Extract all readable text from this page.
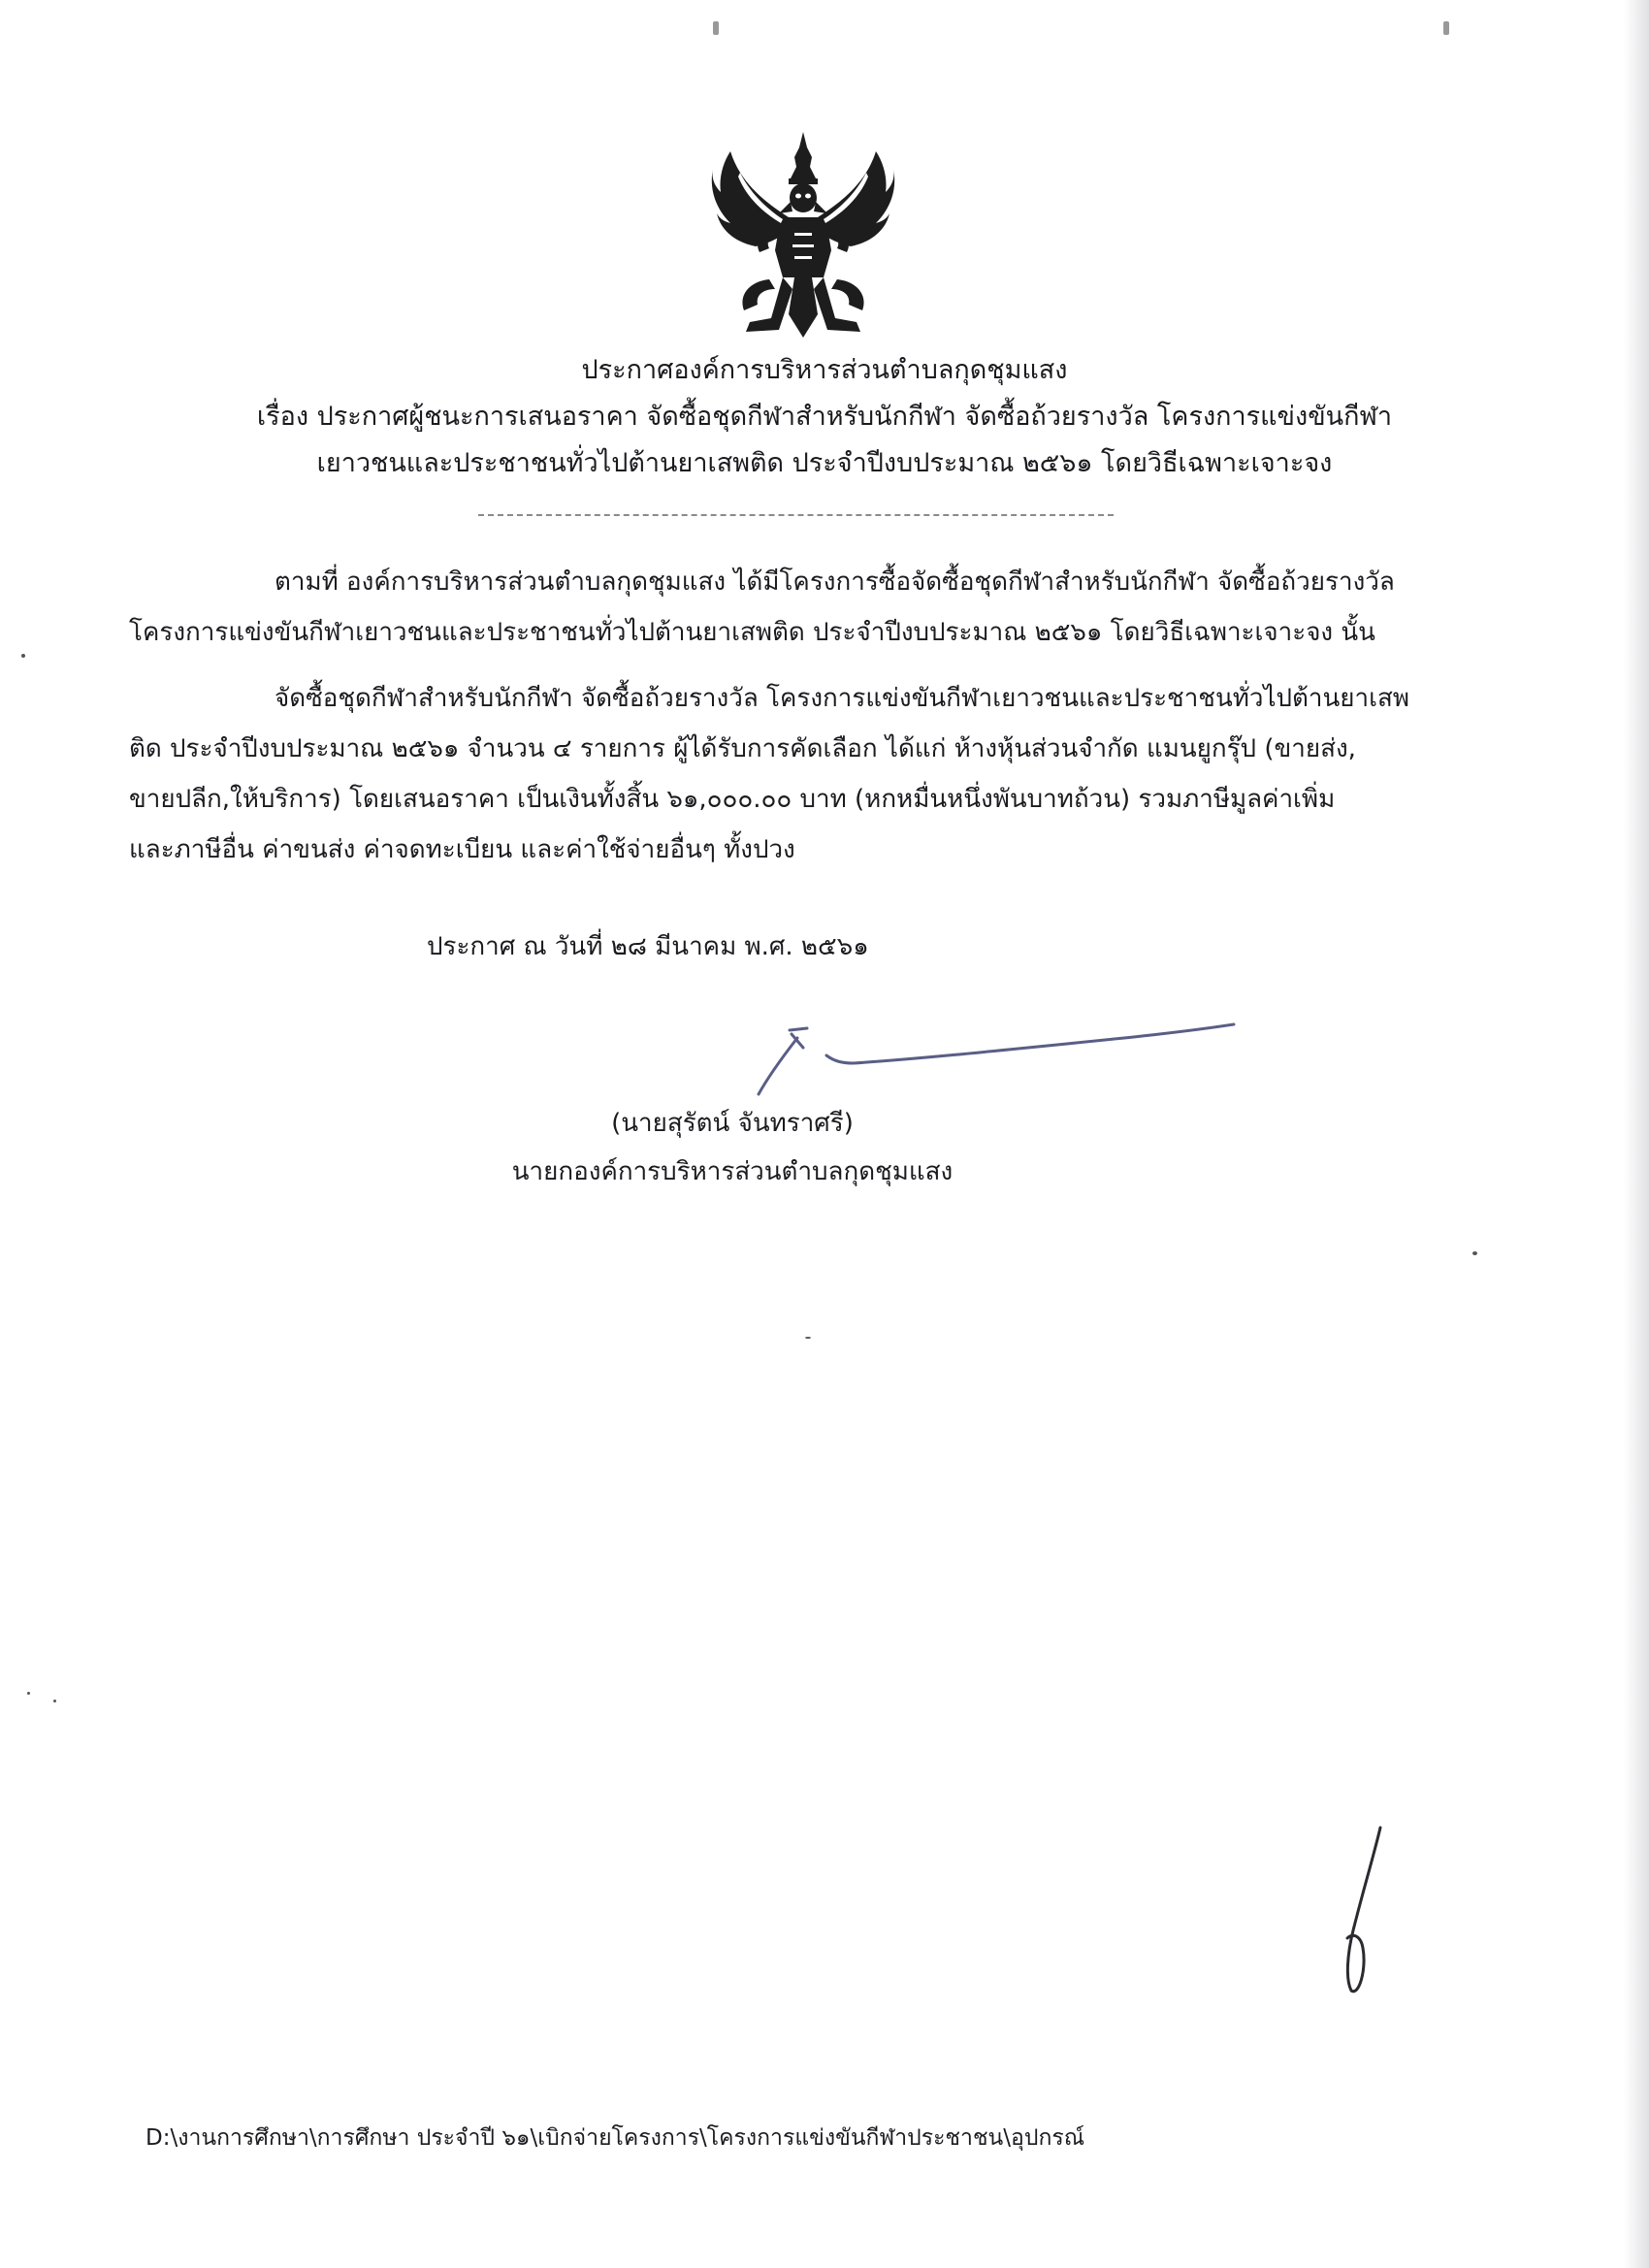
ประกาศองค์การบริหารส่วนตำบลกุดชุมแสง
เรื่อง ประกาศผู้ชนะการเสนอราคา จัดซื้อชุดกีฬาสำหรับนักกีฬา จัดซื้อถ้วยรางวัล โครงการแข่งขันกีฬา
เยาวชนและประชาชนทั่วไปต้านยาเสพติด ประจำปีงบประมาณ ๒๕๖๑ โดยวิธีเฉพาะเจาะจง
ตามที่ องค์การบริหารส่วนตำบลกุดชุมแสง ได้มีโครงการซื้อจัดซื้อชุดกีฬาสำหรับนักกีฬา จัดซื้อถ้วยรางวัล
โครงการแข่งขันกีฬาเยาวชนและประชาชนทั่วไปต้านยาเสพติด ประจำปีงบประมาณ ๒๕๖๑ โดยวิธีเฉพาะเจาะจง นั้น
จัดซื้อชุดกีฬาสำหรับนักกีฬา จัดซื้อถ้วยรางวัล โครงการแข่งขันกีฬาเยาวชนและประชาชนทั่วไปต้านยาเสพ
ติด ประจำปีงบประมาณ ๒๕๖๑ จำนวน ๔ รายการ ผู้ได้รับการคัดเลือก ได้แก่ ห้างหุ้นส่วนจำกัด แมนยูกรุ๊ป (ขายส่ง,
ขายปลีก,ให้บริการ) โดยเสนอราคา เป็นเงินทั้งสิ้น ๖๑,๐๐๐.๐๐ บาท (หกหมื่นหนึ่งพันบาทถ้วน) รวมภาษีมูลค่าเพิ่ม
และภาษีอื่น ค่าขนส่ง ค่าจดทะเบียน และค่าใช้จ่ายอื่นๆ ทั้งปวง
ประกาศ ณ วันที่ ๒๘ มีนาคม พ.ศ. ๒๕๖๑
(นายสุรัตน์ จันทราศรี)
นายกองค์การบริหารส่วนตำบลกุดชุมแสง
D:\งานการศึกษา\การศึกษา ประจำปี ๖๑\เบิกจ่ายโครงการ\โครงการแข่งขันกีฬาประชาชน\อุปกรณ์
